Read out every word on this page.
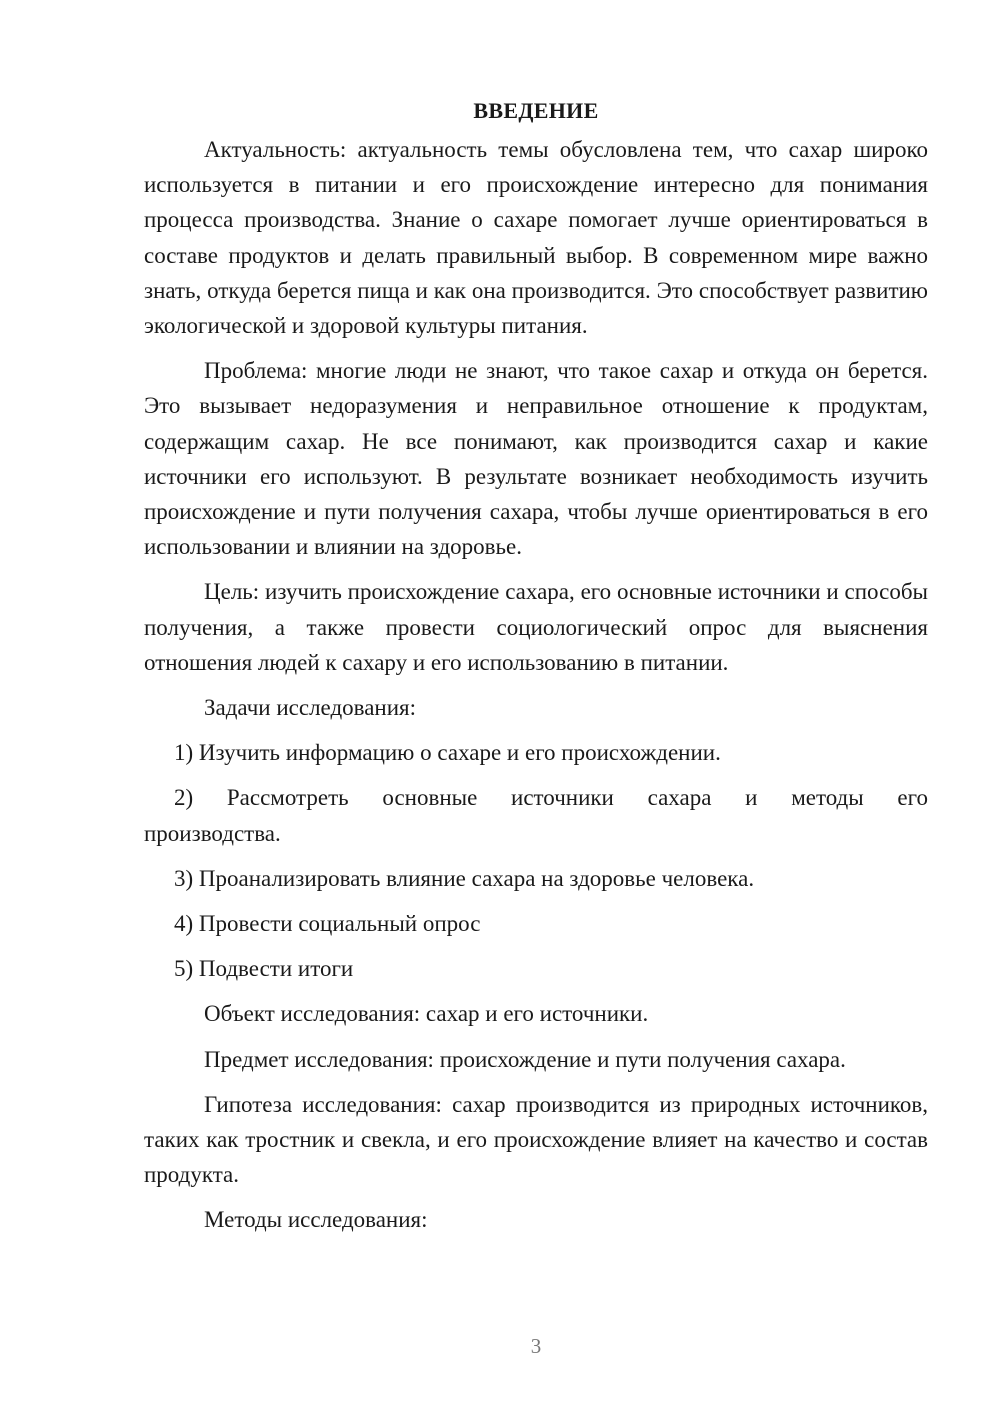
ВВЕДЕНИЕ

Актуальность: актуальность темы обусловлена тем, что сахар широко используется в питании и его происхождение интересно для понимания процесса производства. Знание о сахаре помогает лучше ориентироваться в составе продуктов и делать правильный выбор. В современном мире важно знать, откуда берется пища и как она производится. Это способствует развитию экологической и здоровой культуры питания.

Проблема: многие люди не знают, что такое сахар и откуда он берется. Это вызывает недоразумения и неправильное отношение к продуктам, содержащим сахар. Не все понимают, как производится сахар и какие источники его используют. В результате возникает необходимость изучить происхождение и пути получения сахара, чтобы лучше ориентироваться в его использовании и влиянии на здоровье.

Цель: изучить происхождение сахара, его основные источники и способы получения, а также провести социологический опрос для выяснения отношения людей к сахару и его использованию в питании.

Задачи исследования:

1) Изучить информацию о сахаре и его происхождении.

2) Рассмотреть основные источники сахара и методы его
производства.

3) Проанализировать влияние сахара на здоровье человека.

4) Провести социальный опрос

5) Подвести итоги

Объект исследования: сахар и его источники.

Предмет исследования: происхождение и пути получения сахара.

Гипотеза исследования: сахар производится из природных источников, таких как тростник и свекла, и его происхождение влияет на качество и состав продукта.

Методы исследования:

3
